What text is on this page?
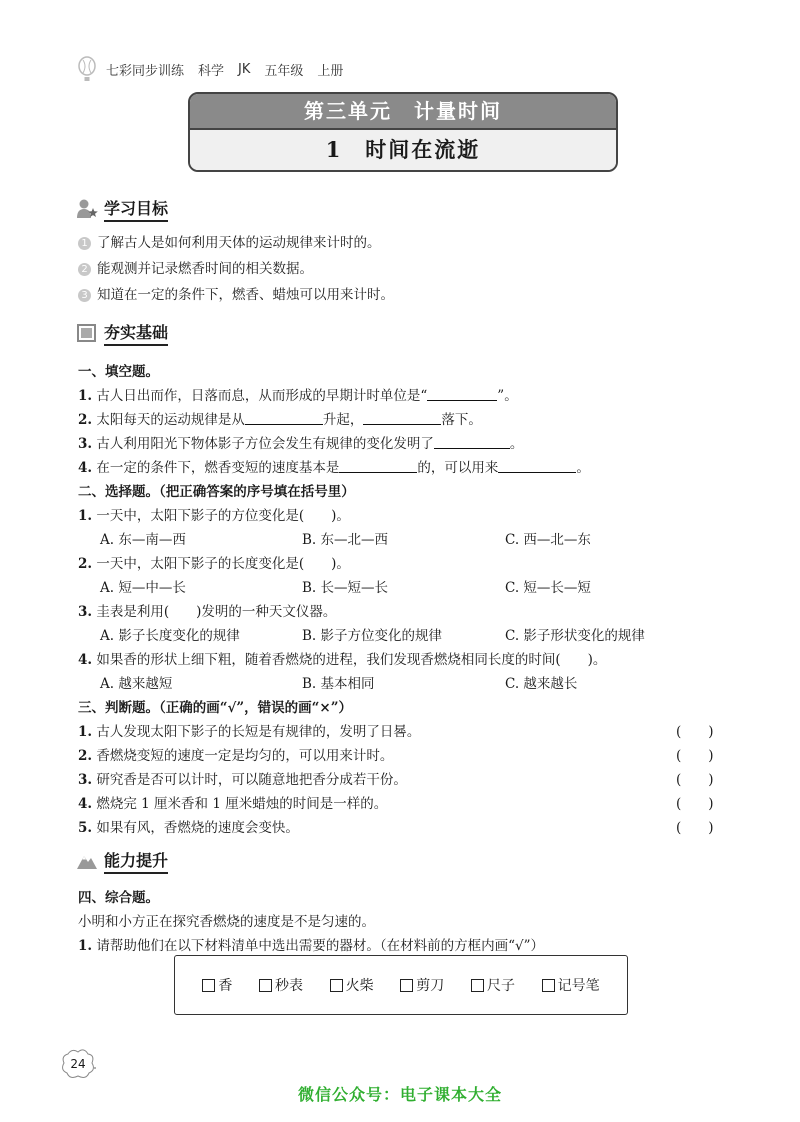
七彩同步训练 科学 JK 五年级 上册
第三单元　计量时间
1　时间在流逝
学习目标
1 了解古人是如何利用天体的运动规律来计时的。
2 能观测并记录燃香时间的相关数据。
3 知道在一定的条件下，燃香、蜡烛可以用来计时。
夯实基础
一、填空题。
1. 古人日出而作，日落而息，从而形成的早期计时单位是“	”。
2. 太阳每天的运动规律是从	升起，	落下。
3. 古人利用阳光下物体影子方位会发生有规律的变化发明了	。
4. 在一定的条件下，燃香变短的速度基本是	的，可以用来	。
二、选择题。（把正确答案的序号填在括号里）
1. 一天中，太阳下影子的方位变化是(　　)。
A. 东—南—西	B. 东—北—西	C. 西—北—东
2. 一天中，太阳下影子的长度变化是(　　)。
A. 短—中—长	B. 长—短—长	C. 短—长—短
3. 圭表是利用(　　)发明的一种天文仪器。
A. 影子长度变化的规律	B. 影子方位变化的规律	C. 影子形状变化的规律
4. 如果香的形状上细下粗，随着香燃烧的进程，我们发现香燃烧相同长度的时间(　　)。
A. 越来越短	B. 基本相同	C. 越来越长
三、判断题。（正确的画“√”，错误的画“×”）
1. 古人发现太阳下影子的长短是有规律的，发明了日晷。	(　　)
2. 香燃烧变短的速度一定是均匀的，可以用来计时。	(　　)
3. 研究香是否可以计时，可以随意地把香分成若干份。	(　　)
4. 燃烧完 1 厘米香和 1 厘米蜡烛的时间是一样的。	(　　)
5. 如果有风，香燃烧的速度会变快。	(　　)
能力提升
四、综合题。
小明和小方正在探究香燃烧的速度是不是匀速的。
1. 请帮助他们在以下材料清单中选出需要的器材。（在材料前的方框内画“√”）
香	秒表	火柴	剪刀	尺子	记号笔
24
微信公众号：电子课本大全
